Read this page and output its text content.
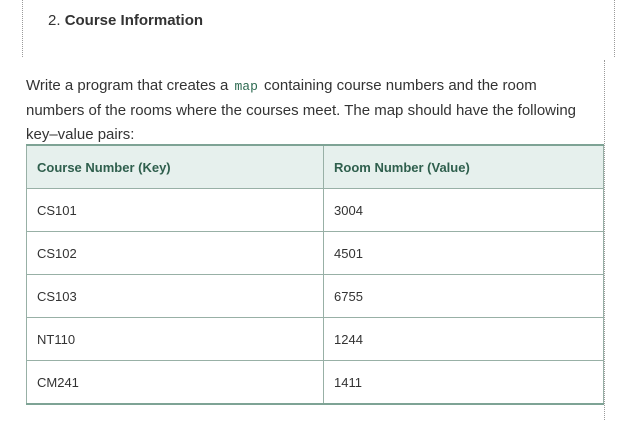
2. Course Information

Write a program that creates a map containing course numbers and the room numbers of the rooms where the courses meet. The map should have the following key–value pairs:

Course Number (Key)	Room Number (Value)
CS101	3004
CS102	4501
CS103	6755
NT110	1244
CM241	1411
